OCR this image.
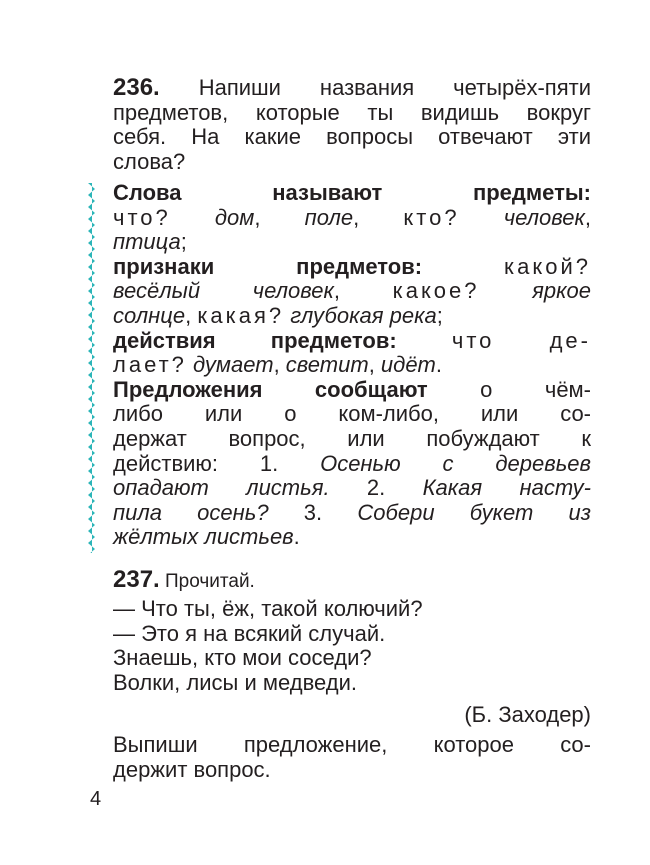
236. Напиши названия четырёх-пяти
предметов, которые ты видишь вокруг
себя. На какие вопросы отвечают эти
слова?
Слова называют предметы:
что? дом, поле, кто? человек,
птица;
признаки предметов:	какой?
весёлый человек, какое? яркое
солнце, какая? глубокая река;
действия предметов:	что	де-
лает? думает, светит, идёт.
Предложения сообщают о чём-
либо или о ком-либо, или со-
держат вопрос, или побуждают к
действию: 1. Осенью с деревьев
опадают листья. 2. Какая насту-
пила осень? 3. Собери букет из
жёлтых листьев.
237. Прочитай.
— Что ты, ёж, такой колючий?
— Это я на всякий случай.
Знаешь, кто мои соседи?
Волки, лисы и медведи.
(Б. Заходер)
Выпиши предложение, которое со-
держит вопрос.
4
